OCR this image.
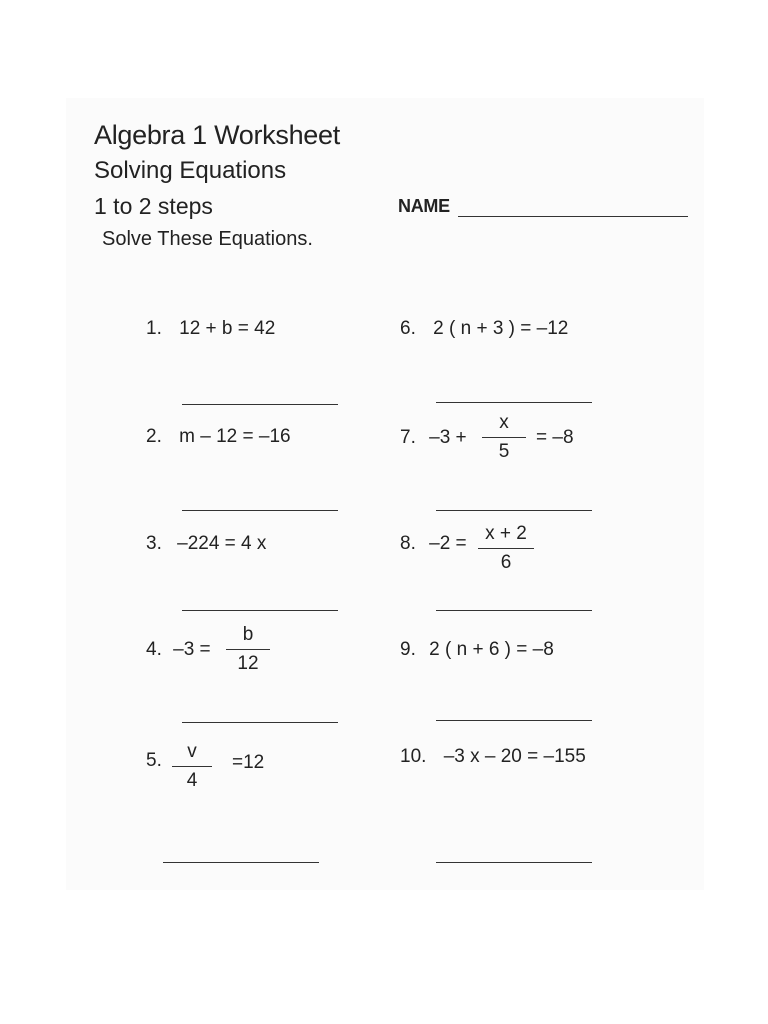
Algebra 1 Worksheet
Solving Equations
1 to 2 steps
Solve These Equations.
NAME
1. 12 + b = 42
2. m – 12 = –16
3. –224 = 4 x
4. –3 =
b
12
5.	v
4
=12
6. 2 ( n + 3 ) = –12
7. –3 +
x
5
= –8
8. –2 = x + 2
6
9. 2 ( n + 6 ) = –8
10. –3 x – 20 = –155
